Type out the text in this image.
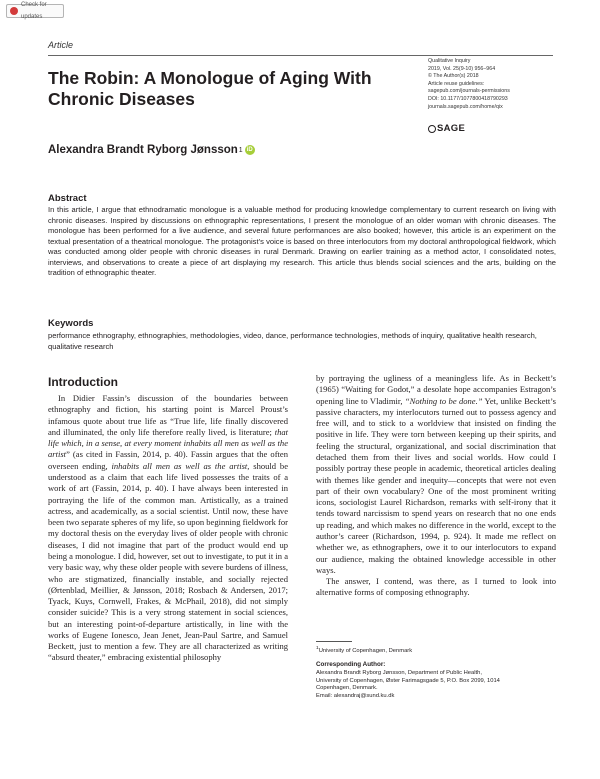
Check for updates
Article
The Robin: A Monologue of Aging With Chronic Diseases
Qualitative Inquiry
2019, Vol. 25(9-10) 956–964
© The Author(s) 2018
Article reuse guidelines:
sagepub.com/journals-permissions
DOI: 10.1177/1077800418790293
journals.sagepub.com/home/qix
SAGE
Alexandra Brandt Ryborg Jønsson 1 iD
Abstract
In this article, I argue that ethnodramatic monologue is a valuable method for producing knowledge complementary to current research on living with chronic diseases. Inspired by discussions on ethnographic representations, I present the monologue of an older woman with chronic diseases. The monologue has been performed for a live audience, and several future performances are also booked; however, this article is an experiment on the textual presentation of a theatrical monologue. The protagonist’s voice is based on three interlocutors from my doctoral anthropological fieldwork, which was conducted among older people with chronic diseases in rural Denmark. Drawing on earlier training as a method actor, I consolidated notes, interviews, and observations to create a piece of art displaying my research. This article thus blends social sciences and the arts, building on the tradition of ethnographic theater.
Keywords
performance ethnography, ethnographies, methodologies, video, dance, performance technologies, methods of inquiry, qualitative health research, qualitative research
Introduction
In Didier Fassin’s discussion of the boundaries between ethnography and fiction, his starting point is Marcel Proust’s infamous quote about true life as “True life, life finally discovered and illuminated, the only life therefore really lived, is literature; that life which, in a sense, at every moment inhabits all men as well as the artist” (as cited in Fassin, 2014, p. 40). Fassin argues that the often overseen ending, inhabits all men as well as the artist, should be understood as a claim that each life lived possesses the traits of a work of art (Fassin, 2014, p. 40). I have always been interested in portraying the life of the common man. Artistically, as a trained actress, and academically, as a social scientist. Until now, these have been two separate spheres of my life, so upon beginning fieldwork for my doctoral thesis on the everyday lives of older people with chronic diseases, I did not imagine that part of the product would end up being a monologue. I did, however, set out to investigate, to put it in a very basic way, why these older people with severe burdens of illness, who are stigmatized, financially instable, and socially rejected (Ørtenblad, Meillier, & Jønsson, 2018; Rosbach & Andersen, 2017; Tyack, Kuys, Cornwell, Frakes, & McPhail, 2018), did not simply consider suicide? This is a very strong statement in social sciences, but an interesting point-of-departure artistically, in line with the works of Eugene Ionesco, Jean Jenet, Jean-Paul Sartre, and Samuel Beckett, just to mention a few. They are all characterized as writing “absurd theater,” embracing existential philosophy

by portraying the ugliness of a meaningless life. As in Beckett’s (1965) “Waiting for Godot,” a desolate hope accompanies Estragon’s opening line to Vladimir, “Nothing to be done.” Yet, unlike Beckett’s passive characters, my interlocutors turned out to possess agency and free will, and to stick to a worldview that insisted on finding the positive in life. They were torn between keeping up their spirits, and feeling the structural, organizational, and social discrimination that detached them from their lives and social worlds. How could I possibly portray these people in academic, theoretical articles dealing with themes like gender and inequity—concepts that were not even part of their own vocabulary? One of the most prominent writing icons, sociologist Laurel Richardson, remarks with self-irony that it tends toward narcissism to spend years on research that no one ends up reading, and which makes no difference in the world, except to the author’s career (Richardson, 1994, p. 924). It made me reflect on whether we, as ethnographers, owe it to our interlocutors to expand our audience, making the obtained knowledge accessible in other ways.

The answer, I contend, was there, as I turned to look into alternative forms of composing ethnography.

$^1$University of Copenhagen, Denmark
Corresponding Author:
Alexandra Brandt Ryborg Jønsson, Department of Public Health,
University of Copenhagen, Øster Farimagsgade 5, P.O. Box 2099, 1014
Copenhagen, Denmark.
Email: alexandraj@sund.ku.dk
